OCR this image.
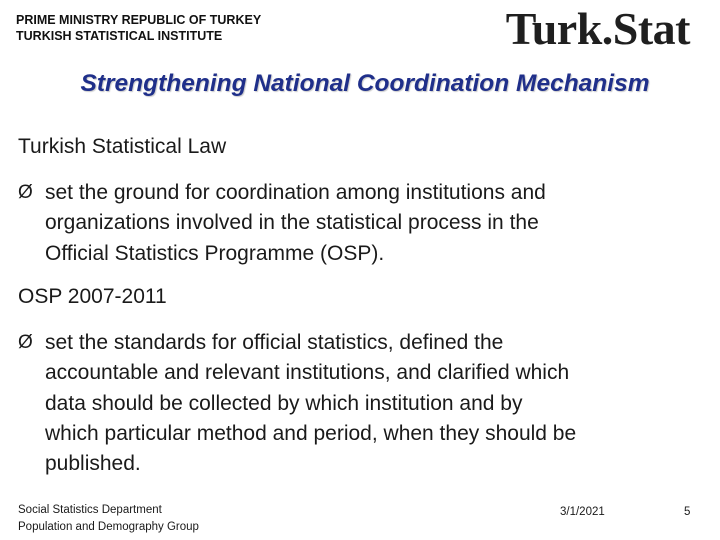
PRIME MINISTRY REPUBLIC OF TURKEY
TURKISH STATISTICAL INSTITUTE	Turk.Stat
Strengthening National Coordination Mechanism
Turkish Statistical Law
Ø set the ground for coordination among institutions and
organizations involved in the statistical process in the
Official Statistics Programme (OSP).
OSP 2007-2011
Ø set the standards for official statistics, defined the
accountable and relevant institutions, and clarified which
data should be collected by which institution and by
which particular method and period, when they should be
published.
Social Statistics Department
Population and Demography Group
3/1/2021	5
